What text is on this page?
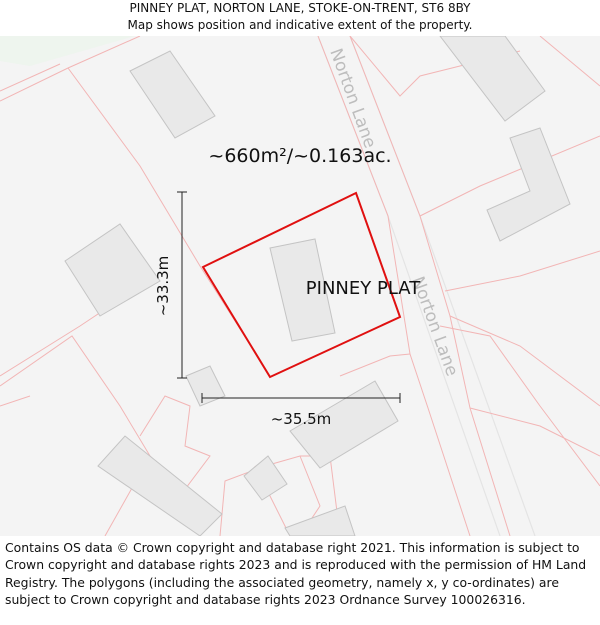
PINNEY PLAT, NORTON LANE, STOKE-ON-TRENT, ST6 8BY
Map shows position and indicative extent of the property.
Norton Lane
Norton Lane
~660m²/~0.163ac.
PINNEY PLAT
~33.3m
~35.5m
Contains OS data © Crown copyright and database right 2021. This information is subject to Crown copyright and database rights 2023 and is reproduced with the permission of HM Land Registry. The polygons (including the associated geometry, namely x, y co-ordinates) are subject to Crown copyright and database rights 2023 Ordnance Survey 100026316.
